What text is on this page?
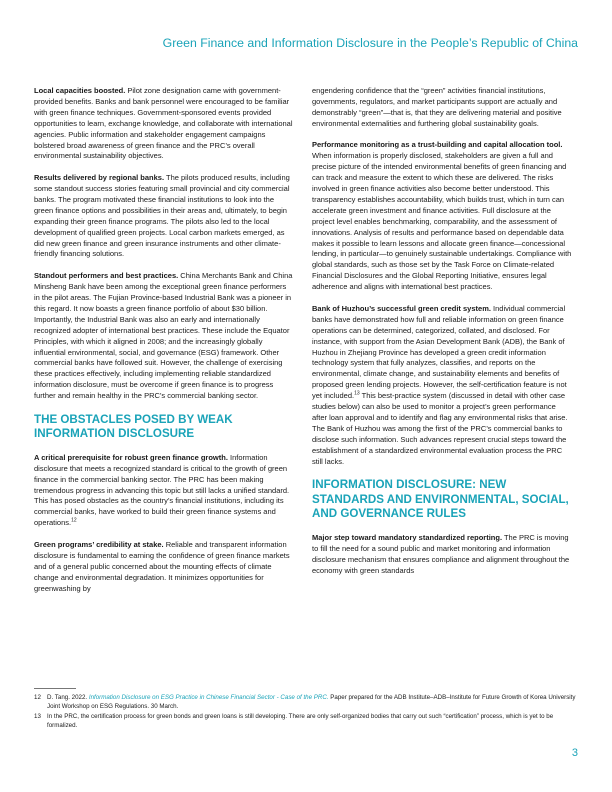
Green Finance and Information Disclosure in the People’s Republic of China

Local capacities boosted. Pilot zone designation came with government-provided benefits. Banks and bank personnel were encouraged to be familiar with green finance techniques. Government-sponsored events provided opportunities to learn, exchange knowledge, and collaborate with international agencies. Public information and stakeholder engagement campaigns bolstered broad awareness of green finance and the PRC’s overall environmental sustainability objectives.

Results delivered by regional banks. The pilots produced results, including some standout success stories featuring small provincial and city commercial banks. The program motivated these financial institutions to look into the green finance options and possibilities in their areas and, ultimately, to begin expanding their green finance programs. The pilots also led to the local development of qualified green projects. Local carbon markets emerged, as did new green finance and green insurance instruments and other climate-friendly financing solutions.

Standout performers and best practices. China Merchants Bank and China Minsheng Bank have been among the exceptional green finance performers in the pilot areas. The Fujian Province-based Industrial Bank was a pioneer in this regard. It now boasts a green finance portfolio of about $30 billion. Importantly, the Industrial Bank was also an early and internationally recognized adopter of international best practices. These include the Equator Principles, with which it aligned in 2008; and the increasingly globally influential environmental, social, and governance (ESG) framework. Other commercial banks have followed suit. However, the challenge of exercising these practices effectively, including implementing reliable standardized information disclosure, must be overcome if green finance is to progress further and remain healthy in the PRC’s commercial banking sector.

THE OBSTACLES POSED BY WEAK INFORMATION DISCLOSURE

A critical prerequisite for robust green finance growth. Information disclosure that meets a recognized standard is critical to the growth of green finance in the commercial banking sector. The PRC has been making tremendous progress in advancing this topic but still lacks a unified standard. This has posed obstacles as the country’s financial institutions, including its commercial banks, have worked to build their green finance systems and operations.$^{12}$

Green programs’ credibility at stake. Reliable and transparent information disclosure is fundamental to earning the confidence of green finance markets and of a general public concerned about the mounting effects of climate change and environmental degradation. It minimizes opportunities for greenwashing by

engendering confidence that the “green” activities financial institutions, governments, regulators, and market participants support are actually and demonstrably “green”—that is, that they are delivering material and positive environmental externalities and furthering global sustainability goals.

Performance monitoring as a trust-building and capital allocation tool. When information is properly disclosed, stakeholders are given a full and precise picture of the intended environmental benefits of green financing and can track and measure the extent to which these are delivered. The risks involved in green finance activities also become better understood. This transparency establishes accountability, which builds trust, which in turn can accelerate green investment and finance activities. Full disclosure at the project level enables benchmarking, comparability, and the assessment of innovations. Analysis of results and performance based on dependable data makes it possible to learn lessons and allocate green finance—concessional lending, in particular—to genuinely sustainable undertakings. Compliance with global standards, such as those set by the Task Force on Climate-related Financial Disclosures and the Global Reporting Initiative, ensures legal adherence and aligns with international best practices.

Bank of Huzhou’s successful green credit system. Individual commercial banks have demonstrated how full and reliable information on green finance operations can be determined, categorized, collated, and disclosed. For instance, with support from the Asian Development Bank (ADB), the Bank of Huzhou in Zhejiang Province has developed a green credit information technology system that fully analyzes, classifies, and reports on the environmental, climate change, and sustainability elements and benefits of proposed green lending projects. However, the self-certification feature is not yet included.$^{13}$ This best-practice system (discussed in detail with other case studies below) can also be used to monitor a project’s green performance after loan approval and to identify and flag any environmental risks that arise. The Bank of Huzhou was among the first of the PRC’s commercial banks to disclose such information. Such advances represent crucial steps toward the establishment of a standardized environmental evaluation process the PRC still lacks.

INFORMATION DISCLOSURE: NEW STANDARDS AND ENVIRONMENTAL, SOCIAL, AND GOVERNANCE RULES

Major step toward mandatory standardized reporting. The PRC is moving to fill the need for a sound public and market monitoring and information disclosure mechanism that ensures compliance and alignment throughout the economy with green standards

12 D. Tang. 2022. Information Disclosure on ESG Practice in Chinese Financial Sector - Case of the PRC. Paper prepared for the ADB Institute–ADB–Institute for Future Growth of Korea University Joint Workshop on ESG Regulations. 30 March.
13 In the PRC, the certification process for green bonds and green loans is still developing. There are only self-organized bodies that carry out such “certification” process, which is yet to be formalized.
3
